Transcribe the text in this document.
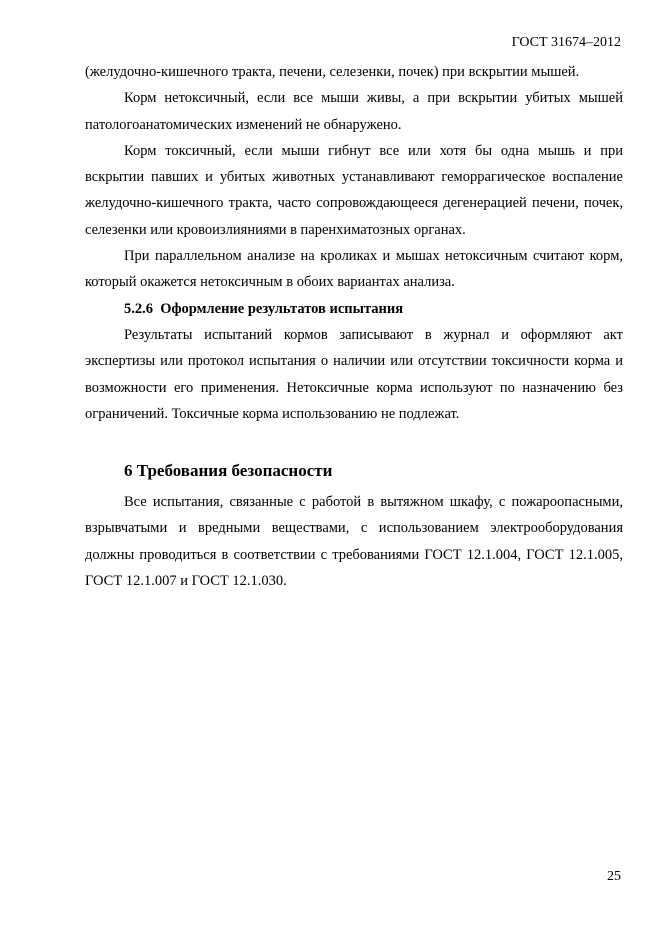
ГОСТ 31674–2012

(желудочно-кишечного тракта, печени, селезенки, почек) при вскрытии мышей.

Корм нетоксичный, если все мыши живы, а при вскрытии убитых мышей патологоанатомических изменений не обнаружено.

Корм токсичный, если мыши гибнут все или хотя бы одна мышь и при вскрытии павших и убитых животных устанавливают геморрагическое воспаление желудочно-кишечного тракта, часто сопровождающееся дегенерацией печени, почек, селезенки или кровоизлияниями в паренхиматозных органах.

При параллельном анализе на кроликах и мышах нетоксичным считают корм, который окажется нетоксичным в обоих вариантах анализа.

5.2.6 Оформление результатов испытания

Результаты испытаний кормов записывают в журнал и оформляют акт экспертизы или протокол испытания о наличии или отсутствии токсичности корма и возможности его применения. Нетоксичные корма используют по назначению без ограничений. Токсичные корма использованию не подлежат.

6 Требования безопасности

Все испытания, связанные с работой в вытяжном шкафу, с пожароопасными, взрывчатыми и вредными веществами, с использованием электрооборудования должны проводиться в соответствии с требованиями ГОСТ 12.1.004, ГОСТ 12.1.005, ГОСТ 12.1.007 и ГОСТ 12.1.030.

25
